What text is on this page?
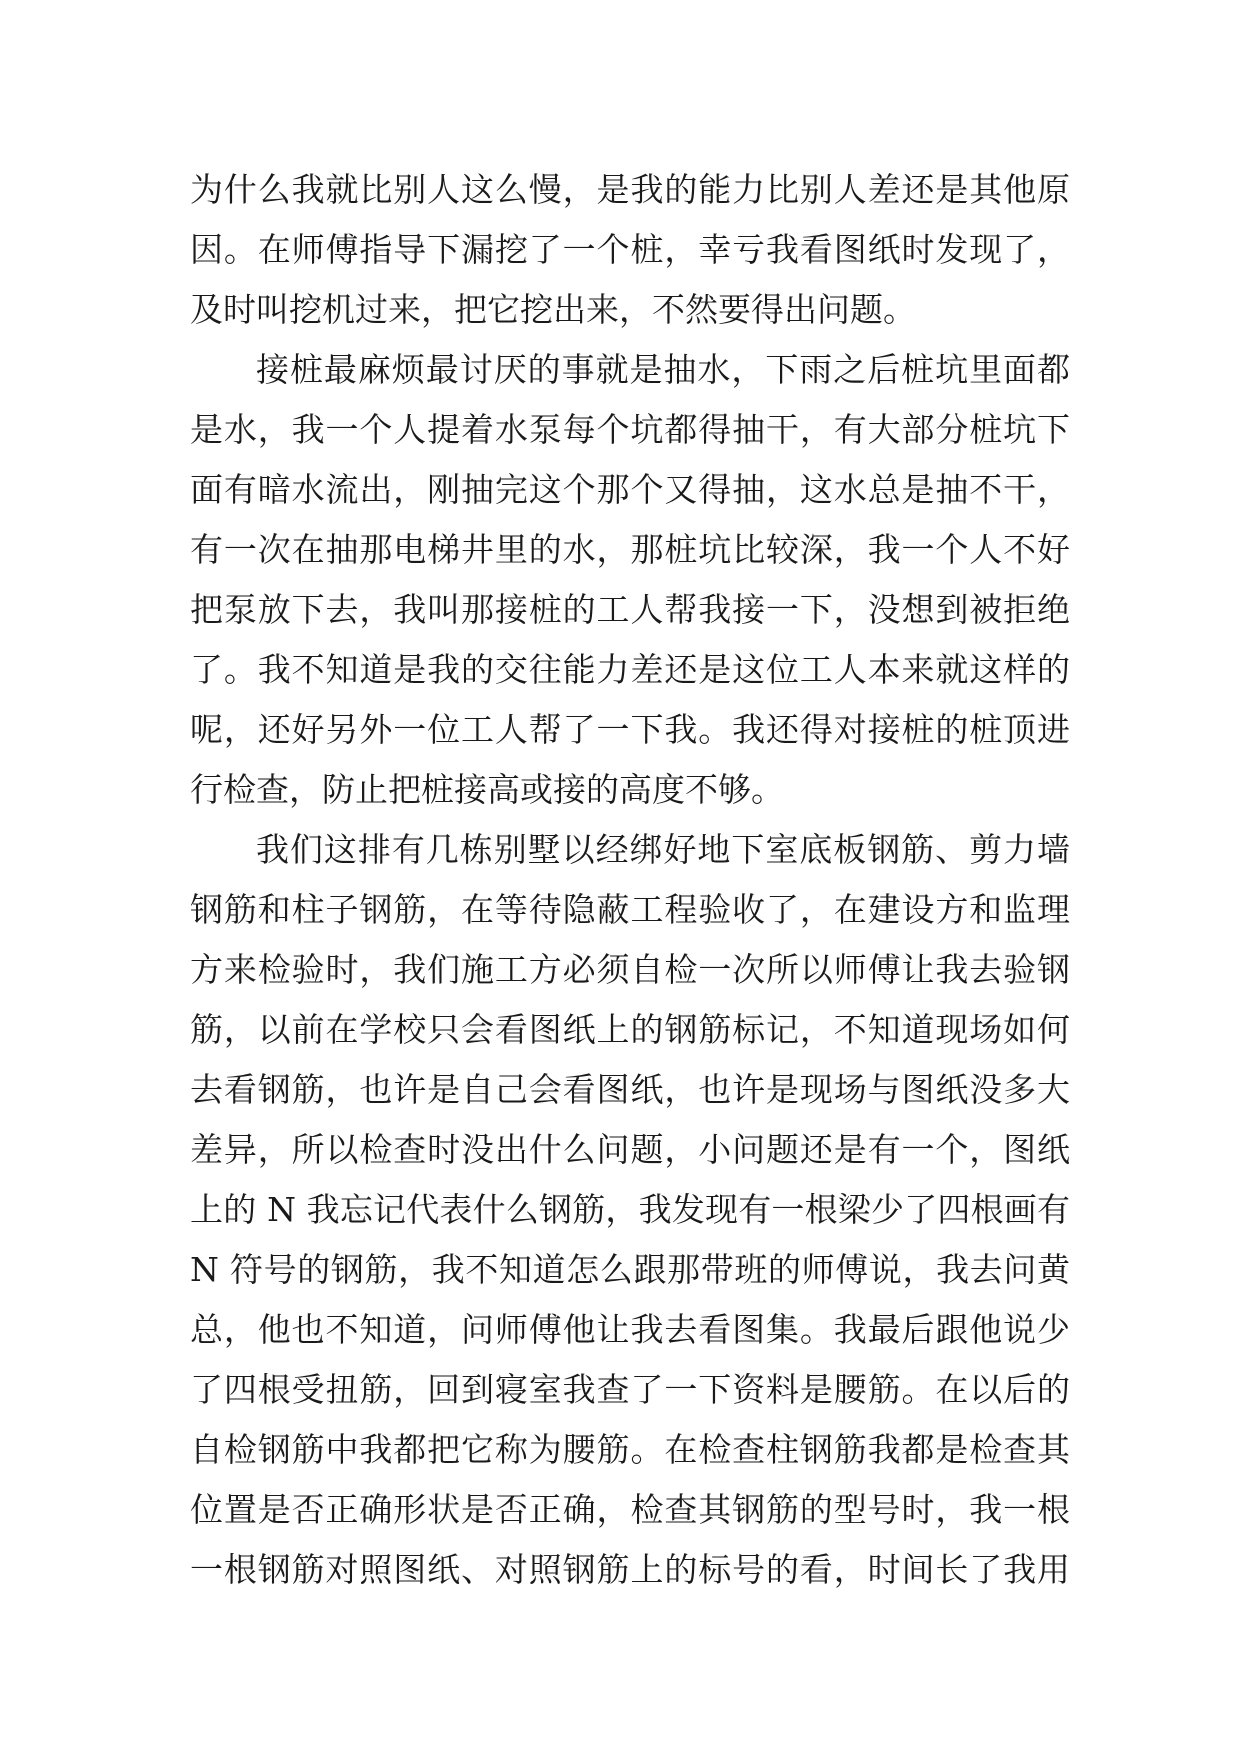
为什么我就比别人这么慢，是我的能力比别人差还是其他原
因。在师傅指导下漏挖了一个桩，幸亏我看图纸时发现了，
及时叫挖机过来，把它挖出来，不然要得出问题。
接桩最麻烦最讨厌的事就是抽水，下雨之后桩坑里面都
是水，我一个人提着水泵每个坑都得抽干，有大部分桩坑下
面有暗水流出，刚抽完这个那个又得抽，这水总是抽不干，
有一次在抽那电梯井里的水，那桩坑比较深，我一个人不好
把泵放下去，我叫那接桩的工人帮我接一下，没想到被拒绝
了。我不知道是我的交往能力差还是这位工人本来就这样的
呢，还好另外一位工人帮了一下我。我还得对接桩的桩顶进
行检查，防止把桩接高或接的高度不够。
我们这排有几栋别墅以经绑好地下室底板钢筋、剪力墙
钢筋和柱子钢筋，在等待隐蔽工程验收了，在建设方和监理
方来检验时，我们施工方必须自检一次所以师傅让我去验钢
筋，以前在学校只会看图纸上的钢筋标记，不知道现场如何
去看钢筋，也许是自己会看图纸，也许是现场与图纸没多大
差异，所以检查时没出什么问题，小问题还是有一个，图纸
上的 N 我忘记代表什么钢筋，我发现有一根梁少了四根画有
N 符号的钢筋，我不知道怎么跟那带班的师傅说，我去问黄
总，他也不知道，问师傅他让我去看图集。我最后跟他说少
了四根受扭筋，回到寝室我查了一下资料是腰筋。在以后的
自检钢筋中我都把它称为腰筋。在检查柱钢筋我都是检查其
位置是否正确形状是否正确，检查其钢筋的型号时，我一根
一根钢筋对照图纸、对照钢筋上的标号的看，时间长了我用
